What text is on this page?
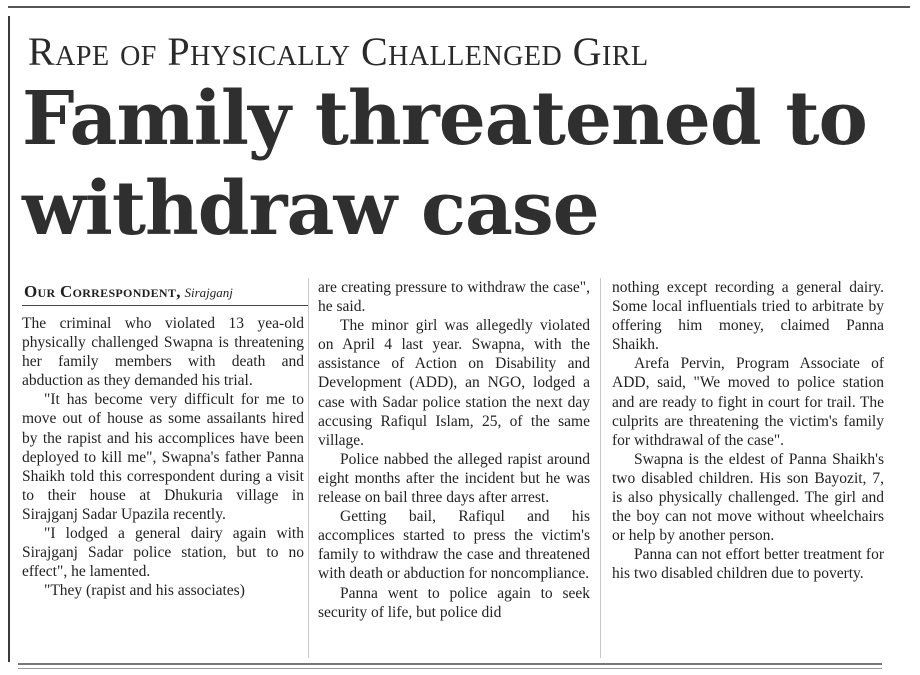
Rape of Physically Challenged Girl
Family threatened to
withdraw case
Our Correspondent, Sirajganj

The criminal who violated 13 yea-old physically challenged Swapna is threatening her family members with death and abduction as they demanded his trial.

"It has become very difficult for me to move out of house as some assailants hired by the rapist and his accomplices have been deployed to kill me", Swapna's father Panna Shaikh told this correspondent during a visit to their house at Dhukuria village in Sirajganj Sadar Upazila recently.

"I lodged a general dairy again with Sirajganj Sadar police station, but to no effect", he lamented.

"They (rapist and his associates)

are creating pressure to withdraw the case", he said.

The minor girl was allegedly violated on April 4 last year. Swapna, with the assistance of Action on Disability and Development (ADD), an NGO, lodged a case with Sadar police station the next day accusing Rafiqul Islam, 25, of the same village.

Police nabbed the alleged rapist around eight months after the incident but he was release on bail three days after arrest.

Getting bail, Rafiqul and his accomplices started to press the victim's family to withdraw the case and threatened with death or abduction for noncompliance.

Panna went to police again to seek security of life, but police did

nothing except recording a general dairy. Some local influentials tried to arbitrate by offering him money, claimed Panna Shaikh.

Arefa Pervin, Program Associate of ADD, said, "We moved to police station and are ready to fight in court for trail. The culprits are threatening the victim's family for withdrawal of the case".

Swapna is the eldest of Panna Shaikh's two disabled children. His son Bayozit, 7, is also physically challenged. The girl and the boy can not move without wheelchairs or help by another person.

Panna can not effort better treatment for his two disabled children due to poverty.
